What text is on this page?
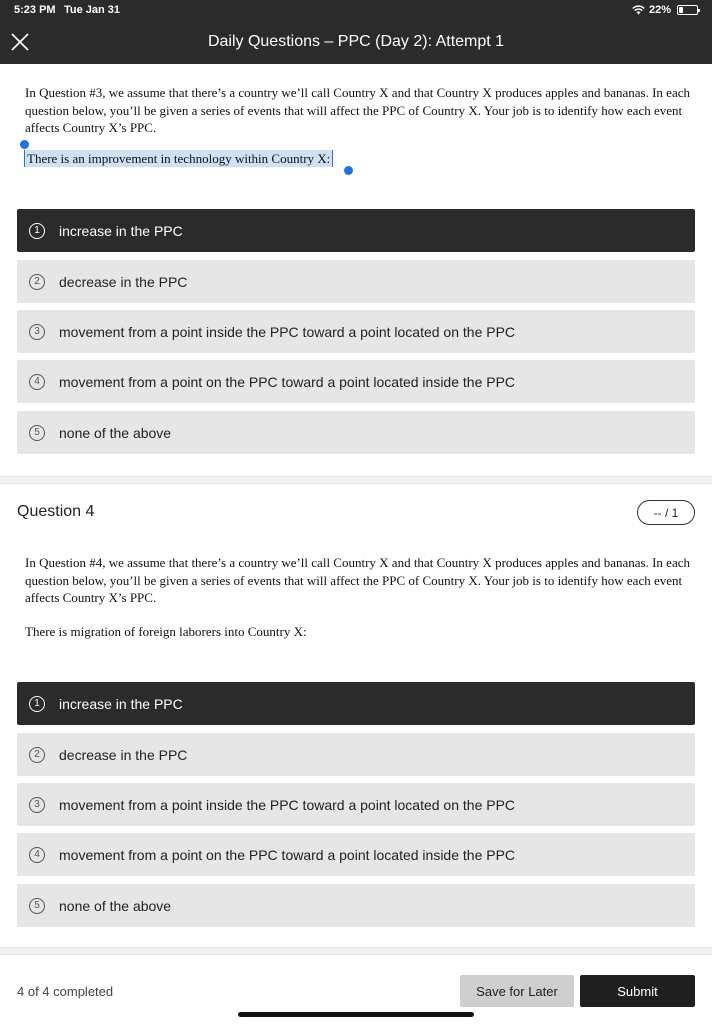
5:23 PM Tue Jan 31	22%
Daily Questions – PPC (Day 2): Attempt 1
In Question #3, we assume that there’s a country we’ll call Country X and that Country X produces apples and bananas. In each question below, you’ll be given a series of events that will affect the PPC of Country X. Your job is to identify how each event affects Country X’s PPC.
There is an improvement in technology within Country X:
1	increase in the PPC
2	decrease in the PPC
3	movement from a point inside the PPC toward a point located on the PPC
4	movement from a point on the PPC toward a point located inside the PPC
5	none of the above
Question 4	-- / 1
In Question #4, we assume that there’s a country we’ll call Country X and that Country X produces apples and bananas. In each question below, you’ll be given a series of events that will affect the PPC of Country X. Your job is to identify how each event affects Country X’s PPC.
There is migration of foreign laborers into Country X:
1	increase in the PPC
2	decrease in the PPC
3	movement from a point inside the PPC toward a point located on the PPC
4	movement from a point on the PPC toward a point located inside the PPC
5	none of the above
4 of 4 completed	Save for Later	Submit
